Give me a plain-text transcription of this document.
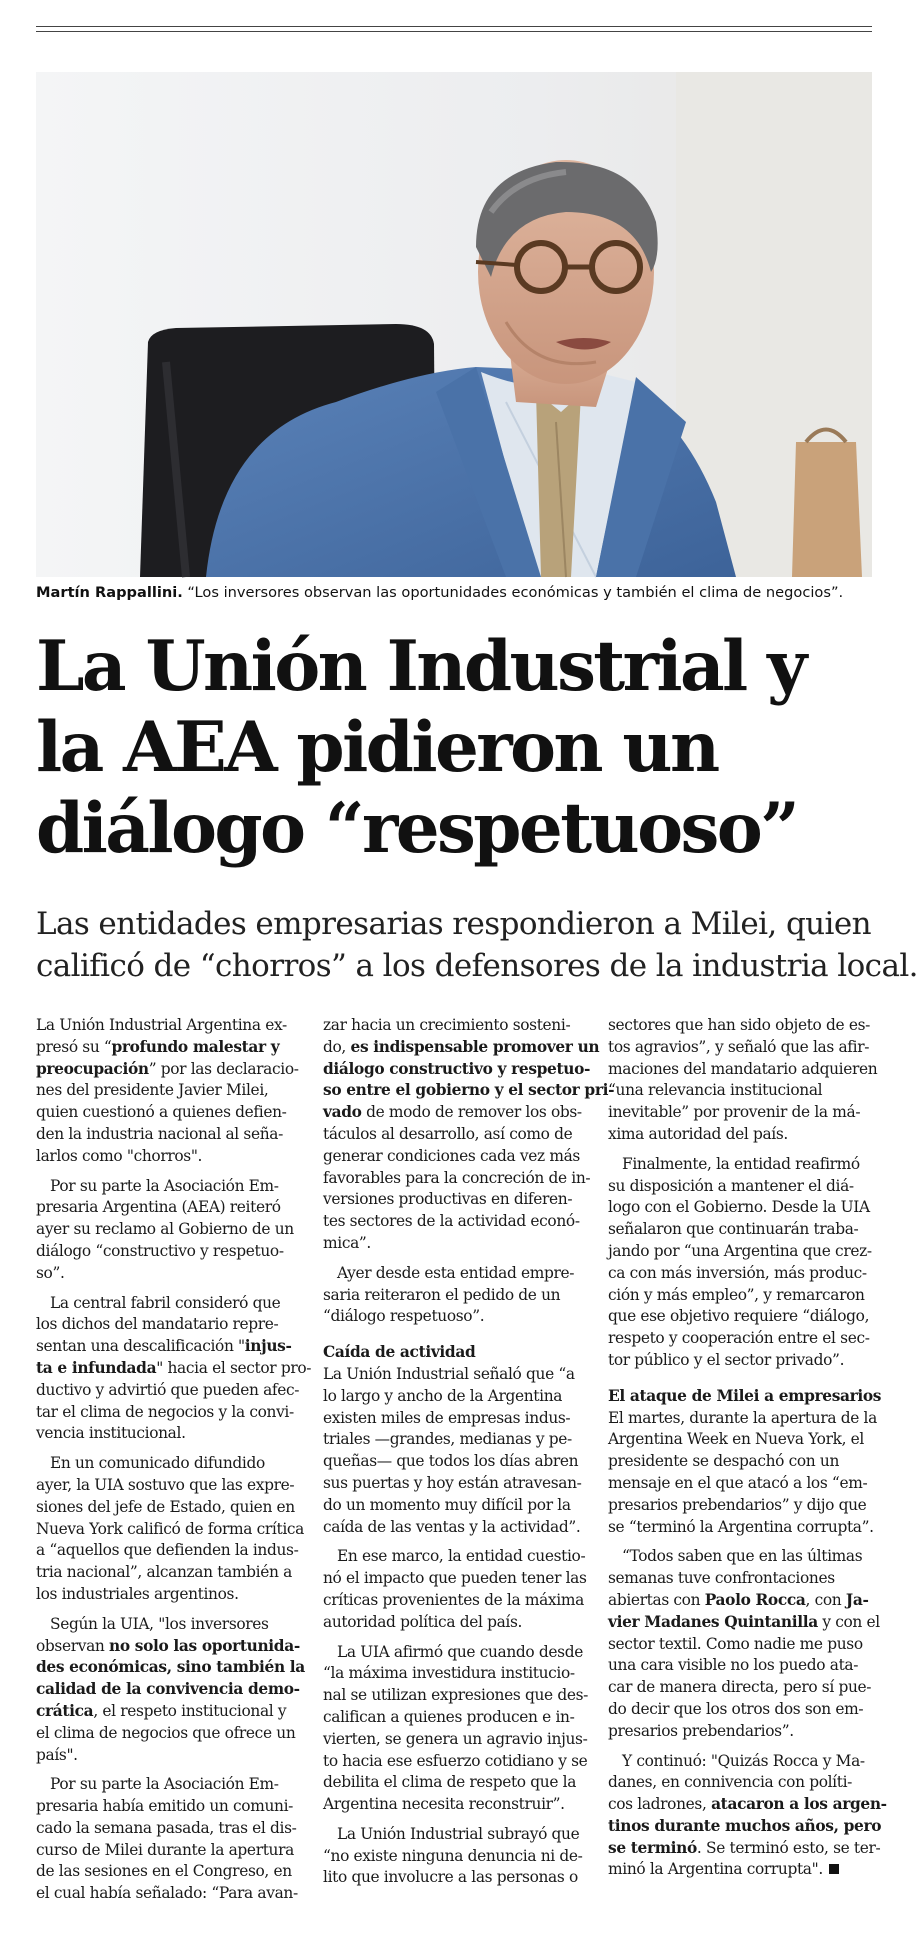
Martín Rappallini. “Los inversores observan las oportunidades económicas y también el clima de negocios”.
La Unión Industrial y
la AEA pidieron un
diálogo “respetuoso”
Las entidades empresarias respondieron a Milei, quien
calificó de “chorros” a los defensores de la industria local.
La Unión Industrial Argentina ex-
presó su “profundo malestar y
preocupación” por las declaracio-
nes del presidente Javier Milei,
quien cuestionó a quienes defien-
den la industria nacional al seña-
larlos como "chorros".
Por su parte la Asociación Em-
presaria Argentina (AEA) reiteró
ayer su reclamo al Gobierno de un
diálogo “constructivo y respetuo-
so”.
La central fabril consideró que
los dichos del mandatario repre-
sentan una descalificación "injus-
ta e infundada" hacia el sector pro-
ductivo y advirtió que pueden afec-
tar el clima de negocios y la convi-
vencia institucional.
En un comunicado difundido
ayer, la UIA sostuvo que las expre-
siones del jefe de Estado, quien en
Nueva York calificó de forma crítica
a “aquellos que defienden la indus-
tria nacional”, alcanzan también a
los industriales argentinos.
Según la UIA, "los inversores
observan no solo las oportunida-
des económicas, sino también la
calidad de la convivencia demo-
crática, el respeto institucional y
el clima de negocios que ofrece un
país".
Por su parte la Asociación Em-
presaria había emitido un comuni-
cado la semana pasada, tras el dis-
curso de Milei durante la apertura
de las sesiones en el Congreso, en
el cual había señalado: “Para avan-
zar hacia un crecimiento sosteni-
do, es indispensable promover un
diálogo constructivo y respetuo-
so entre el gobierno y el sector pri-
vado de modo de remover los obs-
táculos al desarrollo, así como de
generar condiciones cada vez más
favorables para la concreción de in-
versiones productivas en diferen-
tes sectores de la actividad econó-
mica”.
Ayer desde esta entidad empre-
saria reiteraron el pedido de un
“diálogo respetuoso”.
Caída de actividad
La Unión Industrial señaló que “a
lo largo y ancho de la Argentina
existen miles de empresas indus-
triales —grandes, medianas y pe-
queñas— que todos los días abren
sus puertas y hoy están atravesan-
do un momento muy difícil por la
caída de las ventas y la actividad”.
En ese marco, la entidad cuestio-
nó el impacto que pueden tener las
críticas provenientes de la máxima
autoridad política del país.
La UIA afirmó que cuando desde
“la máxima investidura institucio-
nal se utilizan expresiones que des-
califican a quienes producen e in-
vierten, se genera un agravio injus-
to hacia ese esfuerzo cotidiano y se
debilita el clima de respeto que la
Argentina necesita reconstruir”.
La Unión Industrial subrayó que
“no existe ninguna denuncia ni de-
lito que involucre a las personas o
sectores que han sido objeto de es-
tos agravios”, y señaló que las afir-
maciones del mandatario adquieren
“una relevancia institucional
inevitable” por provenir de la má-
xima autoridad del país.
Finalmente, la entidad reafirmó
su disposición a mantener el diá-
logo con el Gobierno. Desde la UIA
señalaron que continuarán traba-
jando por “una Argentina que crez-
ca con más inversión, más produc-
ción y más empleo”, y remarcaron
que ese objetivo requiere “diálogo,
respeto y cooperación entre el sec-
tor público y el sector privado”.
El ataque de Milei a empresarios
El martes, durante la apertura de la
Argentina Week en Nueva York, el
presidente se despachó con un
mensaje en el que atacó a los “em-
presarios prebendarios” y dijo que
se “terminó la Argentina corrupta”.
“Todos saben que en las últimas
semanas tuve confrontaciones
abiertas con Paolo Rocca, con Ja-
vier Madanes Quintanilla y con el
sector textil. Como nadie me puso
una cara visible no los puedo ata-
car de manera directa, pero sí pue-
do decir que los otros dos son em-
presarios prebendarios”.
Y continuó: "Quizás Rocca y Ma-
danes, en connivencia con políti-
cos ladrones, atacaron a los argen-
tinos durante muchos años, pero
se terminó. Se terminó esto, se ter-
minó la Argentina corrupta".
